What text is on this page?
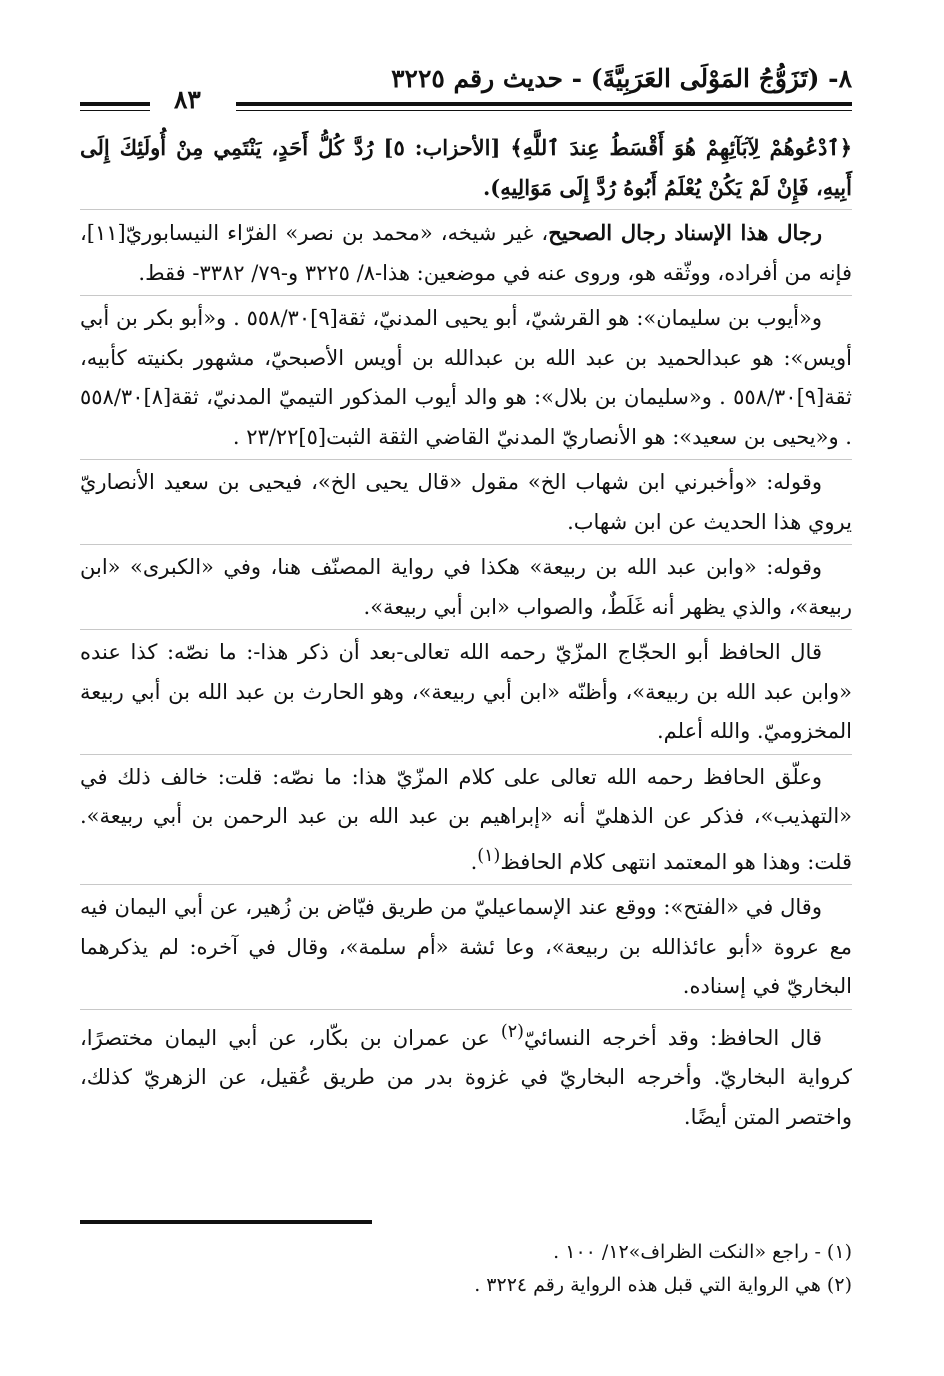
٨- (تَزَوُّجُ المَوْلَى العَرَبِيَّةَ) - حديث رقم ٣٢٢٥
٨٣

﴿ٱدْعُوهُمْ لِآبَآئِهِمْ هُوَ أَقْسَطُ عِندَ ٱللَّهِ﴾ [الأحزاب: ٥] رُدَّ كُلُّ أَحَدٍ، يَنْتَمِي مِنْ أُولَئِكَ إِلَى أَبِيهِ، فَإِنْ لَمْ يَكُنْ يُعْلَمُ أَبُوهُ رُدَّ إِلَى مَوَالِيهِ).

رجال هذا الإسناد رجال الصحيح، غير شيخه، «محمد بن نصر» الفرّاء النيسابوريّ[١١]، فإنه من أفراده، ووثّقه هو، وروى عنه في موضعين: هذا-٨/ ٣٢٢٥ و-٧٩/ ٣٣٨٢- فقط.

و«أيوب بن سليمان»: هو القرشيّ، أبو يحيى المدنيّ، ثقة[٩]٥٥٨/٣٠ . و«أبو بكر بن أبي أويس»: هو عبدالحميد بن عبد الله بن عبدالله بن أويس الأصبحيّ، مشهور بكنيته كأبيه، ثقة[٩]٥٥٨/٣٠ . و«سليمان بن بلال»: هو والد أيوب المذكور التيميّ المدنيّ، ثقة[٨]٥٥٨/٣٠ . و«يحيى بن سعيد»: هو الأنصاريّ المدنيّ القاضي الثقة الثبت[٥]٢٣/٢٢ .

وقوله: «وأخبرني ابن شهاب الخ» مقول «قال يحيى الخ»، فيحيى بن سعيد الأنصاريّ يروي هذا الحديث عن ابن شهاب.

وقوله: «وابن عبد الله بن ربيعة» هكذا في رواية المصنّف هنا، وفي «الكبرى» «ابن ربيعة»، والذي يظهر أنه غَلَطٌ، والصواب «ابن أبي ربيعة».

قال الحافظ أبو الحجّاج المزّيّ رحمه الله تعالى-بعد أن ذكر هذا-: ما نصّه: كذا عنده «وابن عبد الله بن ربيعة»، وأظنّه «ابن أبي ربيعة»، وهو الحارث بن عبد الله بن أبي ربيعة المخزوميّ. والله أعلم.

وعلّق الحافظ رحمه الله تعالى على كلام المزّيّ هذا: ما نصّه: قلت: خالف ذلك في «التهذيب»، فذكر عن الذهليّ أنه «إبراهيم بن عبد الله بن عبد الرحمن بن أبي ربيعة». قلت: وهذا هو المعتمد انتهى كلام الحافظ$^{(١)}$.

وقال في «الفتح»: ووقع عند الإسماعيليّ من طريق فيّاض بن زُهير، عن أبي اليمان فيه مع عروة «أبو عائذالله بن ربيعة»، وعا ئشة «أم سلمة»، وقال في آخره: لم يذكرهما البخاريّ في إسناده.

قال الحافظ: وقد أخرجه النسائيّ$^{(٢)}$ عن عمران بن بكّار، عن أبي اليمان مختصرًا، كرواية البخاريّ. وأخرجه البخاريّ في غزوة بدر من طريق عُقيل، عن الزهريّ كذلك، واختصر المتن أيضًا.

(١) - راجع «النكت الظراف»١٢/ ١٠٠ .
(٢) هي الرواية التي قبل هذه الرواية رقم ٣٢٢٤ .
